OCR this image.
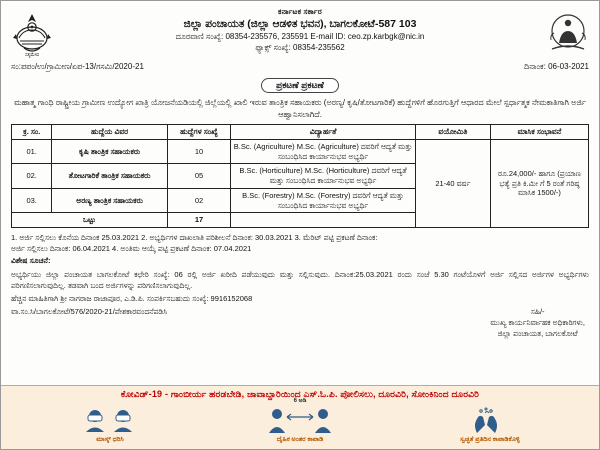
ಸತ್ಯಮೇವ
ಕರ್ನಾಟಕ ಸರ್ಕಾರ
ಜಿಲ್ಲಾ ಪಂಚಾಯತ (ಜಿಲ್ಲಾ ಆಡಳಿತ ಭವನ), ಬಾಗಲಕೋಟೆ-587 103
ದೂರವಾಣಿ ಸಂಖ್ಯೆ: 08354-235576, 235591 E-mail ID: ceo.zp.karbgk@nic.in
ಫ್ಯಾಕ್ಸ್ ಸಂಖ್ಯೆ: 08354-235562
ಸಂ:ಪಪಂ/ಉ/ಗ್ರಾಮೀಣ/ಏಪ-13/ಗಸಮಿ/2020-21	ದಿನಾಂಕ: 06-03-2021
ಪ್ರಕಟಣೆ ಪ್ರಕಟಣೆ
ಮಹಾತ್ಮ ಗಾಂಧಿ ರಾಷ್ಟ್ರೀಯ ಗ್ರಾಮೀಣ ಉದ್ಯೋಗ ಖಾತ್ರಿ ಯೋಜನೆಯಡಿಯಲ್ಲಿ ಜಿಲ್ಲೆಯಲ್ಲಿ ಖಾಲಿ ಇರುವ ತಾಂತ್ರಿಕ ಸಹಾಯಕರು (ಅರಣ್ಯ/ ಕೃಷಿ/ತೋಟಗಾರಿಕೆ) ಹುದ್ದೆಗಳಿಗೆ ಹೊರಗುತ್ತಿಗೆ ಆಧಾರದ ಮೇಲೆ ಸ್ಪರ್ಧಾತ್ಮಕ ನೇಮಕಾತಿಗಾಗಿ ಅರ್ಜಿ ಆಹ್ವಾನಿಸಲಾಗಿದೆ.
ಕ್ರ. ಸಂ.	ಹುದ್ದೆಯ ವಿವರ	ಹುದ್ದೆಗಳ ಸಂಖ್ಯೆ	ವಿದ್ಯಾರ್ಹತೆ	ವಯೋಮಿತಿ	ಮಾಸಿಕ ಸಂಭಾವನೆ
01.	ಕೃಷಿ ತಾಂತ್ರಿಕ ಸಹಾಯಕರು	10	B.Sc. (Agriculture) M.Sc. (Agriculture) ದವರಿಗೆ ಆದ್ಯತೆ ಮತ್ತು ಸಂಬಂಧಿಸಿದ ಕಾರ್ಯಾನುಭವ ಅಭ್ಯರ್ಥಿ	21-40 ವರ್ಷ	ರೂ.24,000/- ಹಾಗೂ (ಪ್ರಯಾಣ ಭತ್ಯೆ ಪ್ರತಿ ಕಿ.ಮೀ ಗೆ 5 ರಂತೆ ಗರಿಷ್ಠ ಮಾಸಿಕ 1500/-)
02.	ತೋಟಗಾರಿಕೆ ತಾಂತ್ರಿಕ ಸಹಾಯಕರು	05	B.Sc. (Horticulture) M.Sc. (Horticulture) ದವರಿಗೆ ಆದ್ಯತೆ ಮತ್ತು ಸಂಬಂಧಿಸಿದ ಕಾರ್ಯಾನುಭವ ಅಭ್ಯರ್ಥಿ		
03.	ಅರಣ್ಯ ತಾಂತ್ರಿಕ ಸಹಾಯಕರು	02	B.Sc. (Forestry) M.Sc. (Forestry) ದವರಿಗೆ ಆದ್ಯತೆ ಮತ್ತು ಸಂಬಂಧಿಸಿದ ಕಾರ್ಯಾನುಭವ ಅಭ್ಯರ್ಥಿ		
ಒಟ್ಟು		17			
1. ಅರ್ಜಿ ಸಲ್ಲಿಸಲು ಕೊನೆಯ ದಿನಾಂಕ 25.03.2021 2. ಅಭ್ಯರ್ಥಿಗಳ ದಾಖಲಾತಿ ಪರಿಶೀಲನೆ ದಿನಾಂಕ: 30.03.2021 3. ಮೆರಿಟ್ ಪಟ್ಟಿ ಪ್ರಕಟಣೆ ದಿನಾಂಕ:
ಅರ್ಜಿ ಸಲ್ಲಿಸಲು ದಿನಾಂಕ: 06.04.2021 4. ಅಂತಿಮ ಆಯ್ಕೆ ಪಟ್ಟಿ ಪ್ರಕಟಣೆ ದಿನಾಂಕ: 07.04.2021
ವಿಶೇಷ ಸೂಚನೆ:
ಅಭ್ಯರ್ಥಿಯು ಜಿಲ್ಲಾ ಪಂಚಾಯತ ಬಾಗಲಕೋಟೆ ಕಛೇರಿ ಸಂಖ್ಯೆ: 06 ರಲ್ಲಿ ಅರ್ಜಿ ಖರೀದಿ ಪಡೆಯುವುದು ಮತ್ತು ಸಲ್ಲಿಸುವುದು. ದಿನಾಂಕ:25.03.2021 ರಂದು ಸಂಜೆ 5.30 ಗಂಟೆಯೊಳಗೆ ಅರ್ಜಿ ಸಲ್ಲಿಸದ ಅರ್ಜಿಗಳ ಅಭ್ಯರ್ಥಿಗಳು ಪರಿಗಣಿಸಲಾಗುವುದಿಲ್ಲ. ತಡವಾಗಿ ಬಂದ ಅರ್ಜಿಗಳನ್ನು ಪರಿಗಣಿಸಲಾಗುವುದಿಲ್ಲ.
ಹೆಚ್ಚಿನ ಮಾಹಿತಿಗಾಗಿ ಶ್ರೀ ನಾಗರಾಜ ರಾಜಾಪೂರ, ಎ.ಡಿ.ಪಿ. ಸಂಪರ್ಕಿಸಬಹುದು ಸಂಖ್ಯೆ: 9916152068
ವಾ.ಸಂ.ಸಿ/ಬಾಗಲಕೋಟೆ/576/2020-21/ಪೇಶಕಾರವಂದನೆಪಡಿಸಿ	ಸಹಿ/-
ಮುಖ್ಯ ಕಾರ್ಯನಿರ್ವಾಹಕ ಅಧಿಕಾರಿಗಳು,
ಜಿಲ್ಲಾ ಪಂಚಾಯತ, ಬಾಗಲಕೋಟೆ
ಕೋವಿಡ್-19 - ಗಾಂಬೀರ್ಯ ಹರಡಬೇಡಿ, ಜಾವಾಬ್ದಾರಿಯಿಂದ ಎಸ್.ಓ.ಪಿ. ಪೋಲಿಸಲು, ದೂರವಿರಿ, ಸೋಂಕಿನಿಂದ ದೂರವಿರಿ
ಮಾಸ್ಕ್ ಧರಿಸಿ
6 ಅಡಿ
ದೈಹಿಕ ಅಂತರ ಕಾಪಾಡಿ	ಸ್ವಚ್ಛತೆ ಪ್ರತಿದಿನ ಕಾಪಾಡಿಕೊಳ್ಳಿ
